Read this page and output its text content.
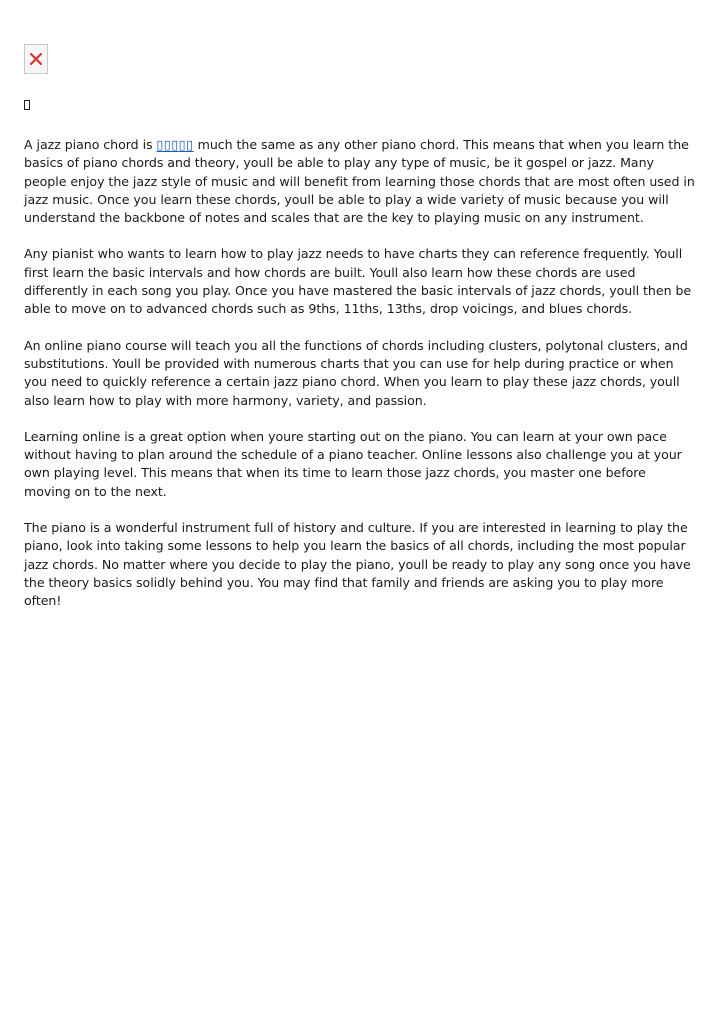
A jazz piano chord is ▯▯▯▯▯ much the same as any other piano chord. This means that when you learn the basics of piano chords and theory, youll be able to play any type of music, be it gospel or jazz. Many people enjoy the jazz style of music and will benefit from learning those chords that are most often used in jazz music. Once you learn these chords, youll be able to play a wide variety of music because you will understand the backbone of notes and scales that are the key to playing music on any instrument.

Any pianist who wants to learn how to play jazz needs to have charts they can reference frequently. Youll first learn the basic intervals and how chords are built. Youll also learn how these chords are used differently in each song you play. Once you have mastered the basic intervals of jazz chords, youll then be able to move on to advanced chords such as 9ths, 11ths, 13ths, drop voicings, and blues chords.

An online piano course will teach you all the functions of chords including clusters, polytonal clusters, and substitutions. Youll be provided with numerous charts that you can use for help during practice or when you need to quickly reference a certain jazz piano chord. When you learn to play these jazz chords, youll also learn how to play with more harmony, variety, and passion.

Learning online is a great option when youre starting out on the piano. You can learn at your own pace without having to plan around the schedule of a piano teacher. Online lessons also challenge you at your own playing level. This means that when its time to learn those jazz chords, you master one before moving on to the next.

The piano is a wonderful instrument full of history and culture. If you are interested in learning to play the piano, look into taking some lessons to help you learn the basics of all chords, including the most popular jazz chords. No matter where you decide to play the piano, youll be ready to play any song once you have the theory basics solidly behind you. You may find that family and friends are asking you to play more often!
